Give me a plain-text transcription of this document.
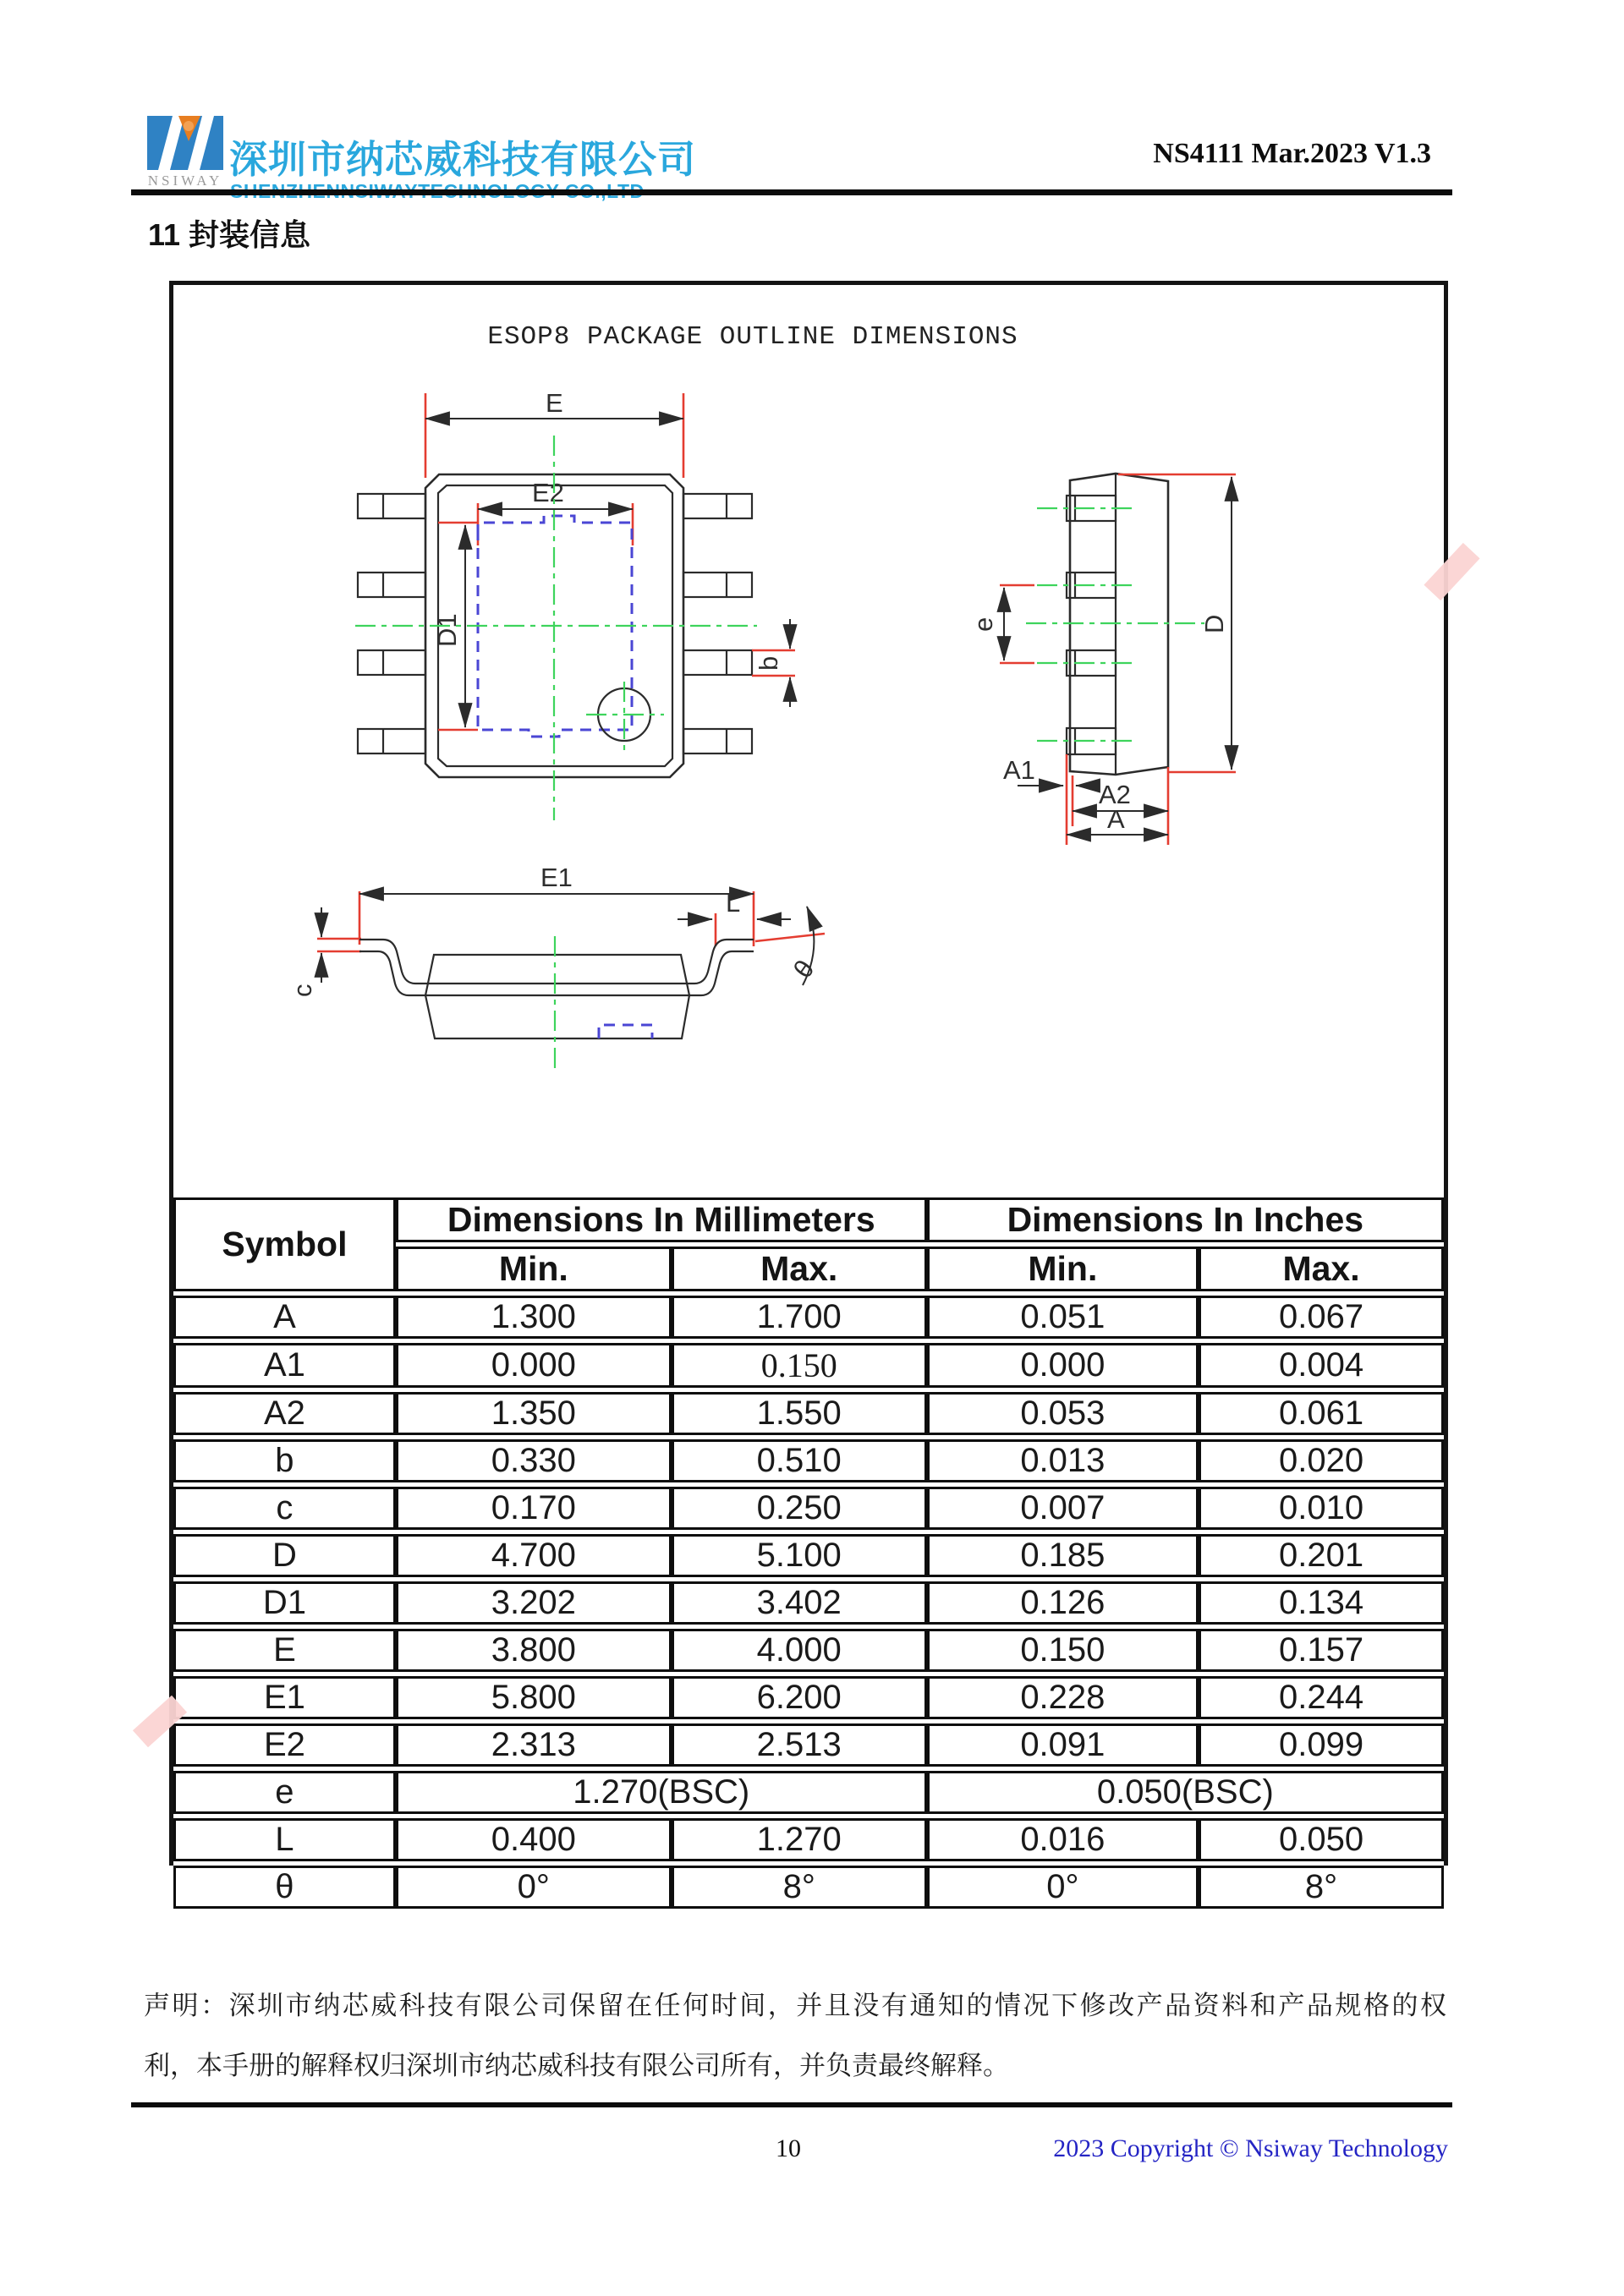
NSIWAY 深圳市纳芯威科技有限公司	NS4111 Mar.2023 V1.3
11 封装信息
ESOP8 PACKAGE OUTLINE DIMENSIONS
E
E2
D1
b
e	D
A1
A2
A
E1
L
θ
c
Symbol	Dimensions In Millimeters		Dimensions In Inches	
	Min.	Max.	Min.	Max.
A	1.300	1.700	0.051	0.067
A1	0.000	0.150	0.000	0.004
A2	1.350	1.550	0.053	0.061
b	0.330	0.510	0.013	0.020
c	0.170	0.250	0.007	0.010
D	4.700	5.100	0.185	0.201
D1	3.202	3.402	0.126	0.134
E	3.800	4.000	0.150	0.157
E1	5.800	6.200	0.228	0.244
E2	2.313	2.513	0.091	0.099
e	1.270(BSC)		0.050(BSC)	
L	0.400	1.270	0.016	0.050
θ	0°	8°	0°	8°
声明：深圳市纳芯威科技有限公司保留在任何时间，并且没有通知的情况下修改产品资料和产品规格的权
利，本手册的解释权归深圳市纳芯威科技有限公司所有，并负责最终解释。
10	2023 Copyright © Nsiway Technology
